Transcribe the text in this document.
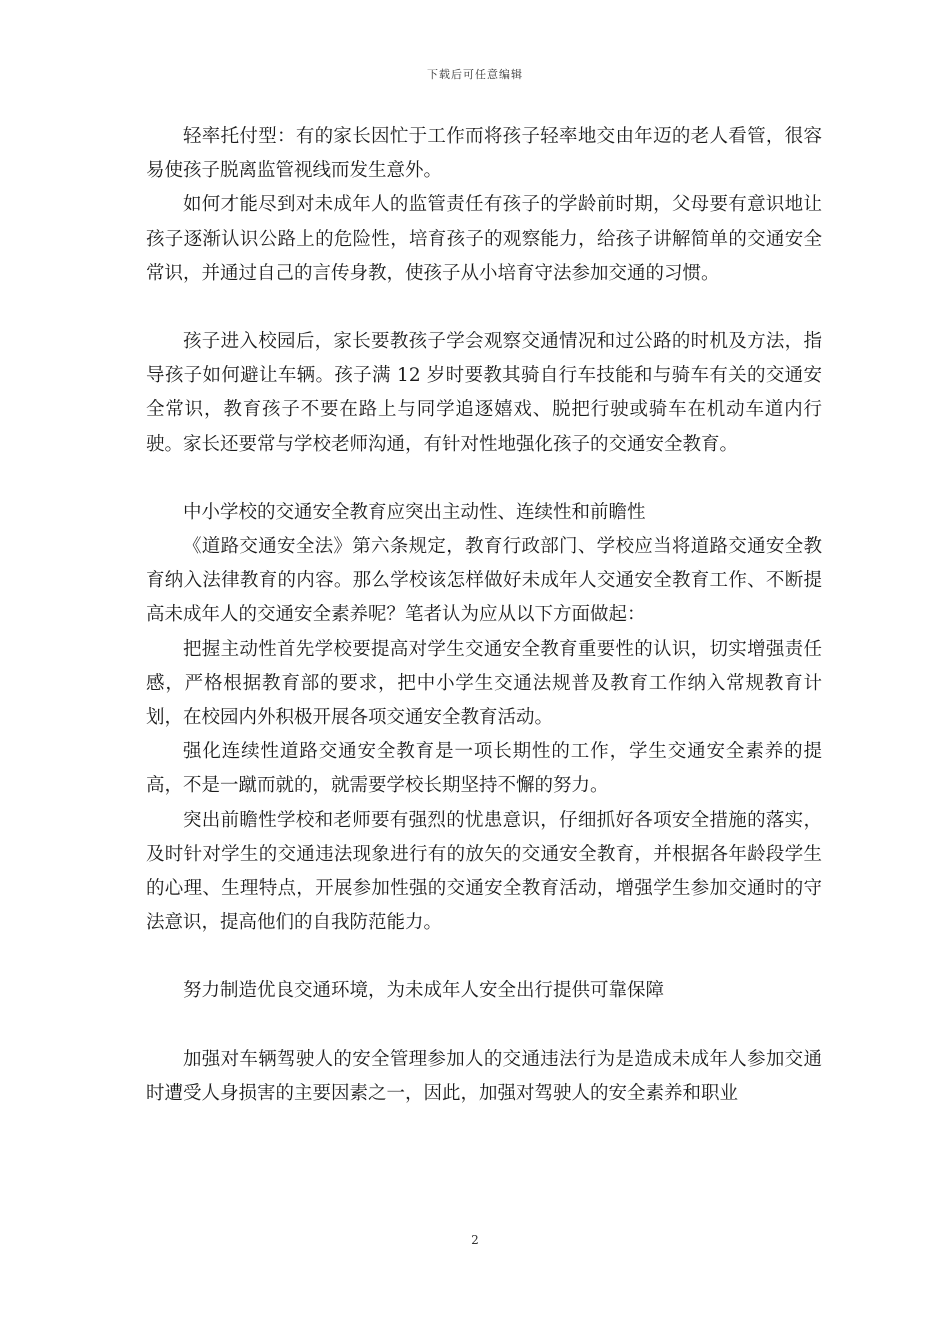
下载后可任意编辑

轻率托付型：有的家长因忙于工作而将孩子轻率地交由年迈的老人看管，很容易使孩子脱离监管视线而发生意外。

如何才能尽到对未成年人的监管责任有孩子的学龄前时期，父母要有意识地让孩子逐渐认识公路上的危险性，培育孩子的观察能力，给孩子讲解简单的交通安全常识，并通过自己的言传身教，使孩子从小培育守法参加交通的习惯。

孩子进入校园后，家长要教孩子学会观察交通情况和过公路的时机及方法，指导孩子如何避让车辆。孩子满 12 岁时要教其骑自行车技能和与骑车有关的交通安全常识，教育孩子不要在路上与同学追逐嬉戏、脱把行驶或骑车在机动车道内行驶。家长还要常与学校老师沟通，有针对性地强化孩子的交通安全教育。

中小学校的交通安全教育应突出主动性、连续性和前瞻性

《道路交通安全法》第六条规定，教育行政部门、学校应当将道路交通安全教育纳入法律教育的内容。那么学校该怎样做好未成年人交通安全教育工作、不断提高未成年人的交通安全素养呢？笔者认为应从以下方面做起：

把握主动性首先学校要提高对学生交通安全教育重要性的认识，切实增强责任感，严格根据教育部的要求，把中小学生交通法规普及教育工作纳入常规教育计划，在校园内外积极开展各项交通安全教育活动。

强化连续性道路交通安全教育是一项长期性的工作，学生交通安全素养的提高，不是一蹴而就的，就需要学校长期坚持不懈的努力。

突出前瞻性学校和老师要有强烈的忧患意识，仔细抓好各项安全措施的落实，及时针对学生的交通违法现象进行有的放矢的交通安全教育，并根据各年龄段学生的心理、生理特点，开展参加性强的交通安全教育活动，增强学生参加交通时的守法意识，提高他们的自我防范能力。

努力制造优良交通环境，为未成年人安全出行提供可靠保障

加强对车辆驾驶人的安全管理参加人的交通违法行为是造成未成年人参加交通时遭受人身损害的主要因素之一，因此，加强对驾驶人的安全素养和职业

2
